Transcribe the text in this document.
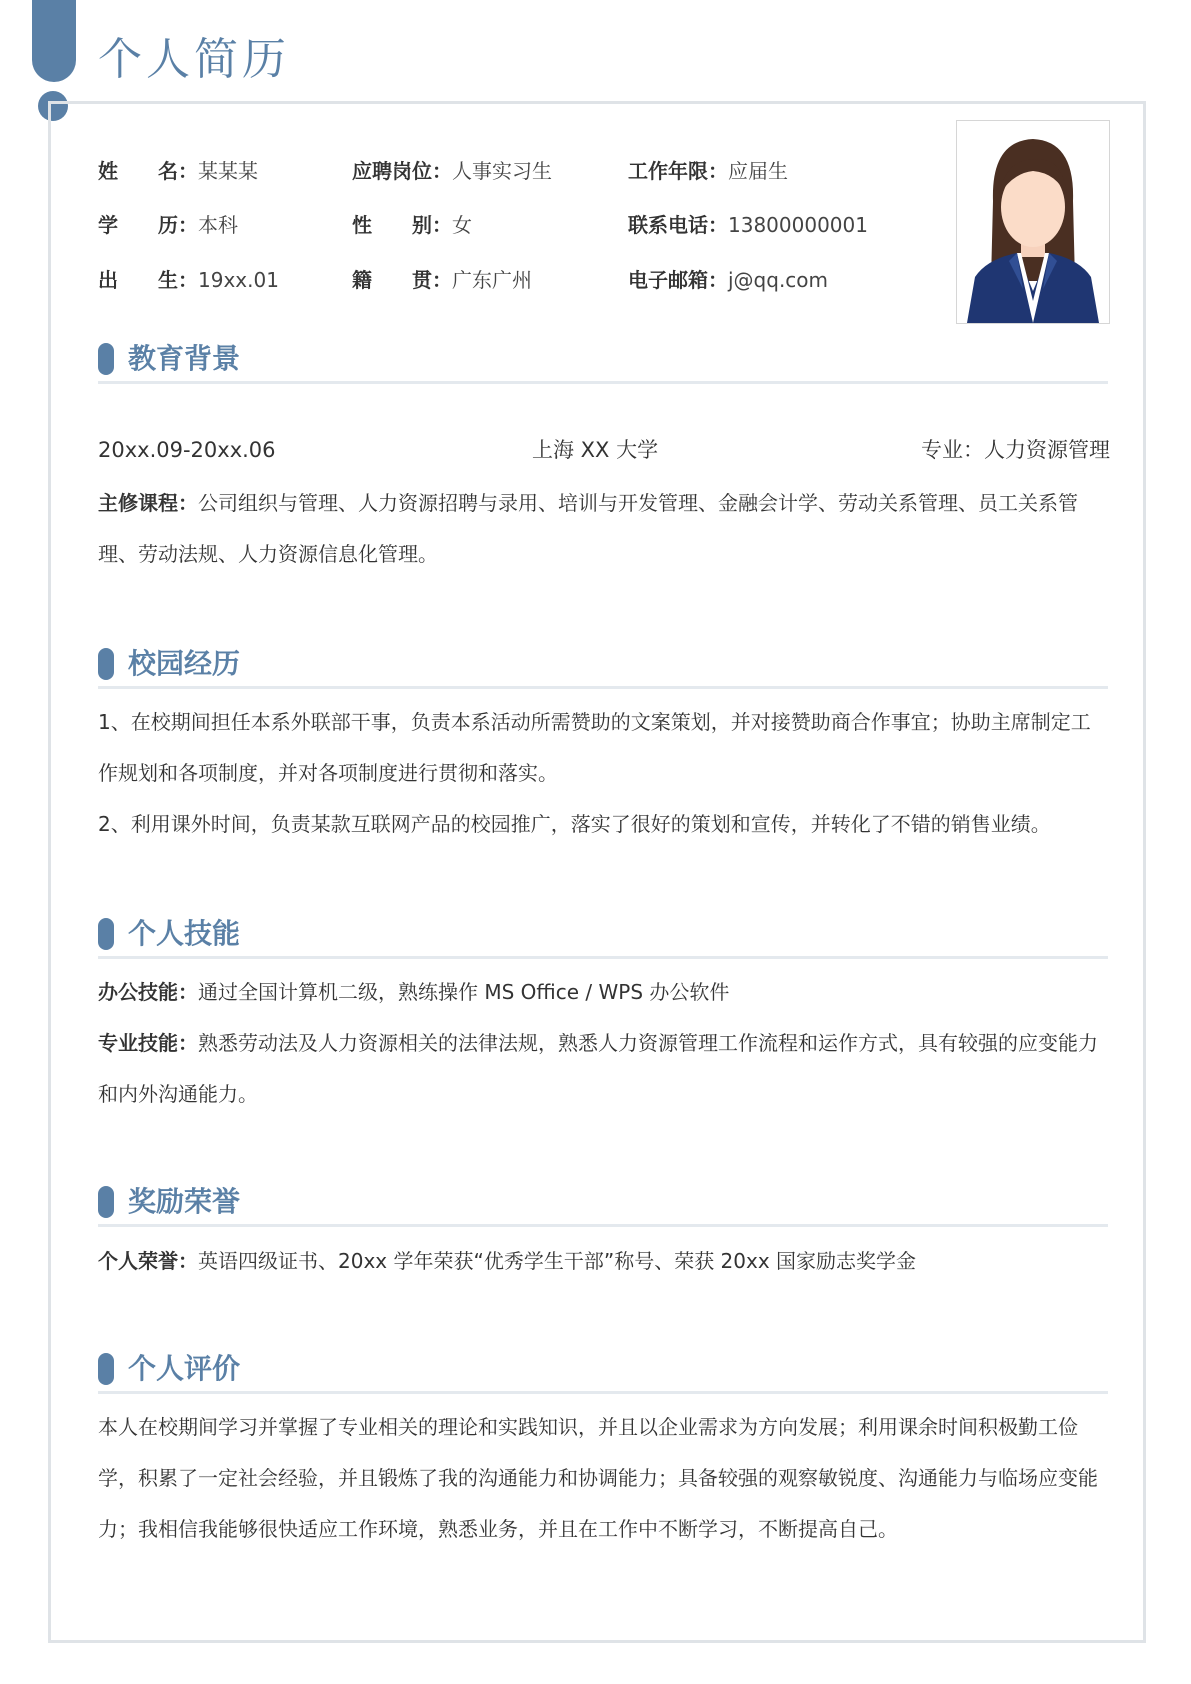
个人简历
姓　　名：某某某	应聘岗位：人事实习生	工作年限：应届生
学　　历：本科	性　　别：女	联系电话：13800000001
出　　生：19xx.01	籍　　贯：广东广州	电子邮箱：j@qq.com
教育背景
20xx.09-20xx.06	上海 XX 大学	专业：人力资源管理

主修课程：公司组织与管理、人力资源招聘与录用、培训与开发管理、金融会计学、劳动关系管理、员工关系管理、劳动法规、人力资源信息化管理。

校园经历

1、在校期间担任本系外联部干事，负责本系活动所需赞助的文案策划，并对接赞助商合作事宜；协助主席制定工作规划和各项制度，并对各项制度进行贯彻和落实。

2、利用课外时间，负责某款互联网产品的校园推广，落实了很好的策划和宣传，并转化了不错的销售业绩。

个人技能

办公技能：通过全国计算机二级，熟练操作 MS Office / WPS 办公软件

专业技能：熟悉劳动法及人力资源相关的法律法规，熟悉人力资源管理工作流程和运作方式，具有较强的应变能力和内外沟通能力。

奖励荣誉

个人荣誉：英语四级证书、20xx 学年荣获“优秀学生干部”称号、荣获 20xx 国家励志奖学金

个人评价

本人在校期间学习并掌握了专业相关的理论和实践知识，并且以企业需求为方向发展；利用课余时间积极勤工俭学，积累了一定社会经验，并且锻炼了我的沟通能力和协调能力；具备较强的观察敏锐度、沟通能力与临场应变能力；我相信我能够很快适应工作环境，熟悉业务，并且在工作中不断学习，不断提高自己。
